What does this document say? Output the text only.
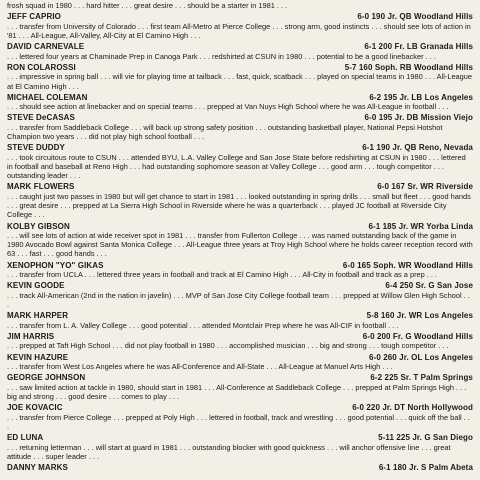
frosh squad in 1980 . . . hard hitter . . . great desire . . . should be a starter in 1981 . . .
JEFF CAPRIO	6-0 190 Jr. QB Woodland Hills
. . . transfer from University of Colorado . . . first team All-Metro at Pierce College . . . strong arm, good instincts . . . should see lots of action in '81 . . . All-League, All-Valley, All-City at El Camino High . . .
DAVID CARNEVALE	6-1 200 Fr. LB Granada Hills
. . . lettered four years at Chaminade Prep in Canoga Park . . . redshirted at CSUN in 1980 . . . potential to be a good linebacker . . .
RON COLAROSSI	5-7 160 Soph. RB Woodland Hills
. . . impressive in spring ball . . . will vie for playing time at tailback . . . fast, quick, scatback . . . played on special teams in 1980 . . . All-League at El Camino High . . .
MICHAEL COLEMAN	6-2 195 Jr. LB Los Angeles
. . . should see action at linebacker and on special teams . . . prepped at Van Nuys High School where he was All-League in football . . .
STEVE DeCASAS	6-0 195 Jr. DB Mission Viejo
. . . transfer from Saddleback College . . . will back up strong safety position . . . outstanding basketball player, National Pepsi Hotshot Champion two years . . . did not play high school football . . .
STEVE DUDDY	6-1 190 Jr. QB Reno, Nevada
. . . took circuitous route to CSUN . . . attended BYU, L.A. Valley College and San Jose State before redshirting at CSUN in 1980 . . . lettered in football and baseball at Reno High . . . had outstanding sophomore season at Valley College . . . good arm . . . tough competitor . . . outstanding leader . . .
MARK FLOWERS	6-0 167 Sr. WR Riverside
. . . caught just two passes in 1980 but will get chance to start in 1981 . . . looked outstanding in spring drills . . . small but fleet . . . good hands . . . great desire . . . prepped at La Sierra High School in Riverside where he was a quarterback . . . played JC football at Riverside City College . . .
KOLBY GIBSON	6-1 185 Jr. WR Yorba Linda
. . . will see lots of action at wide receiver spot in 1981 . . . transfer from Fullerton College . . . was named outstanding back of the game in 1980 Avocado Bowl against Santa Monica College . . . All-League three years at Troy High School where he holds career reception record with 63 . . . fast . . . good hands . . .
XENOPHON "YO" GIKAS	6-0 165 Soph. WR Woodland Hills
. . . transfer from UCLA . . . lettered three years in football and track at El Camino High . . . All-City in football and track as a prep . . .
KEVIN GOODE	6-4 250 Sr. G San Jose
. . . track All-American (2nd in the nation in javelin) . . . MVP of San Jose City College football team . . . prepped at Willow Glen High School . . .
MARK HARPER	5-8 160 Jr. WR Los Angeles
. . . transfer from L. A. Valley College . . . good potential . . . attended Montclair Prep where he was All-CIF in football . . .
JIM HARRIS	6-0 200 Fr. G Woodland Hills
. . . prepped at Taft High School . . . did not play football in 1980 . . . accomplished musician . . . big and strong . . . tough competitor . . .
KEVIN HAZURE	6-0 260 Jr. OL Los Angeles
. . . transfer from West Los Angeles where he was All-Conference and All-State . . . All-League at Manuel Arts High . . .
GEORGE JOHNSON	6-2 225 Sr. T Palm Springs
. . . saw limited action at tackle in 1980, should start in 1981 . . . All-Conference at Saddleback College . . . prepped at Palm Springs High . . . big and strong . . . good desire . . . comes to play . . .
JOE KOVACIC	6-0 220 Jr. DT North Hollywood
. . . transfer from Pierce College . . . prepped at Poly High . . . lettered in football, track and wrestling . . . good potential . . . quick off the ball . . .
ED LUNA	5-11 225 Jr. G San Diego
. . . returning letterman . . . will start at guard in 1981 . . . outstanding blocker with good quickness . . . will anchor offensive line . . . great attitude . . . super leader . . .
DANNY MARKS	6-1 180 Jr. S Palm Abeta
